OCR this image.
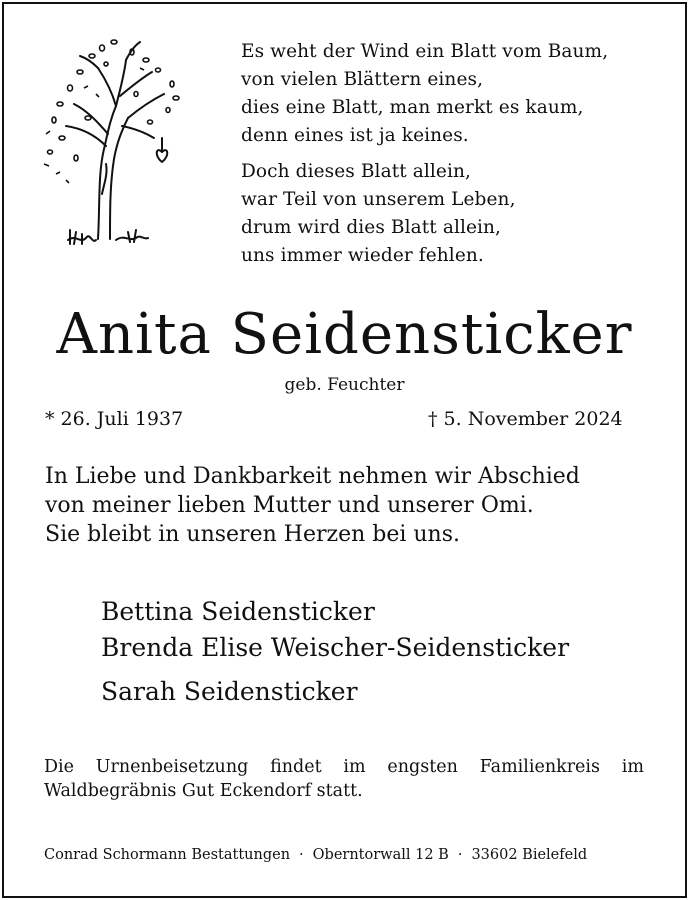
Es weht der Wind ein Blatt vom Baum,
von vielen Blättern eines,
dies eine Blatt, man merkt es kaum,
denn eines ist ja keines.
Doch dieses Blatt allein,
war Teil von unserem Leben,
drum wird dies Blatt allein,
uns immer wieder fehlen.
Anita Seidensticker
geb. Feuchter
* 26. Juli 1937	† 5. November 2024
In Liebe und Dankbarkeit nehmen wir Abschied
von meiner lieben Mutter und unserer Omi.
Sie bleibt in unseren Herzen bei uns.
Bettina Seidensticker
Brenda Elise Weischer-Seidensticker
Sarah Seidensticker
Die Urnenbeisetzung findet im engsten Familienkreis im Waldbegräbnis Gut Eckendorf statt.
Conrad Schormann Bestattungen · Oberntorwall 12 B · 33602 Bielefeld
